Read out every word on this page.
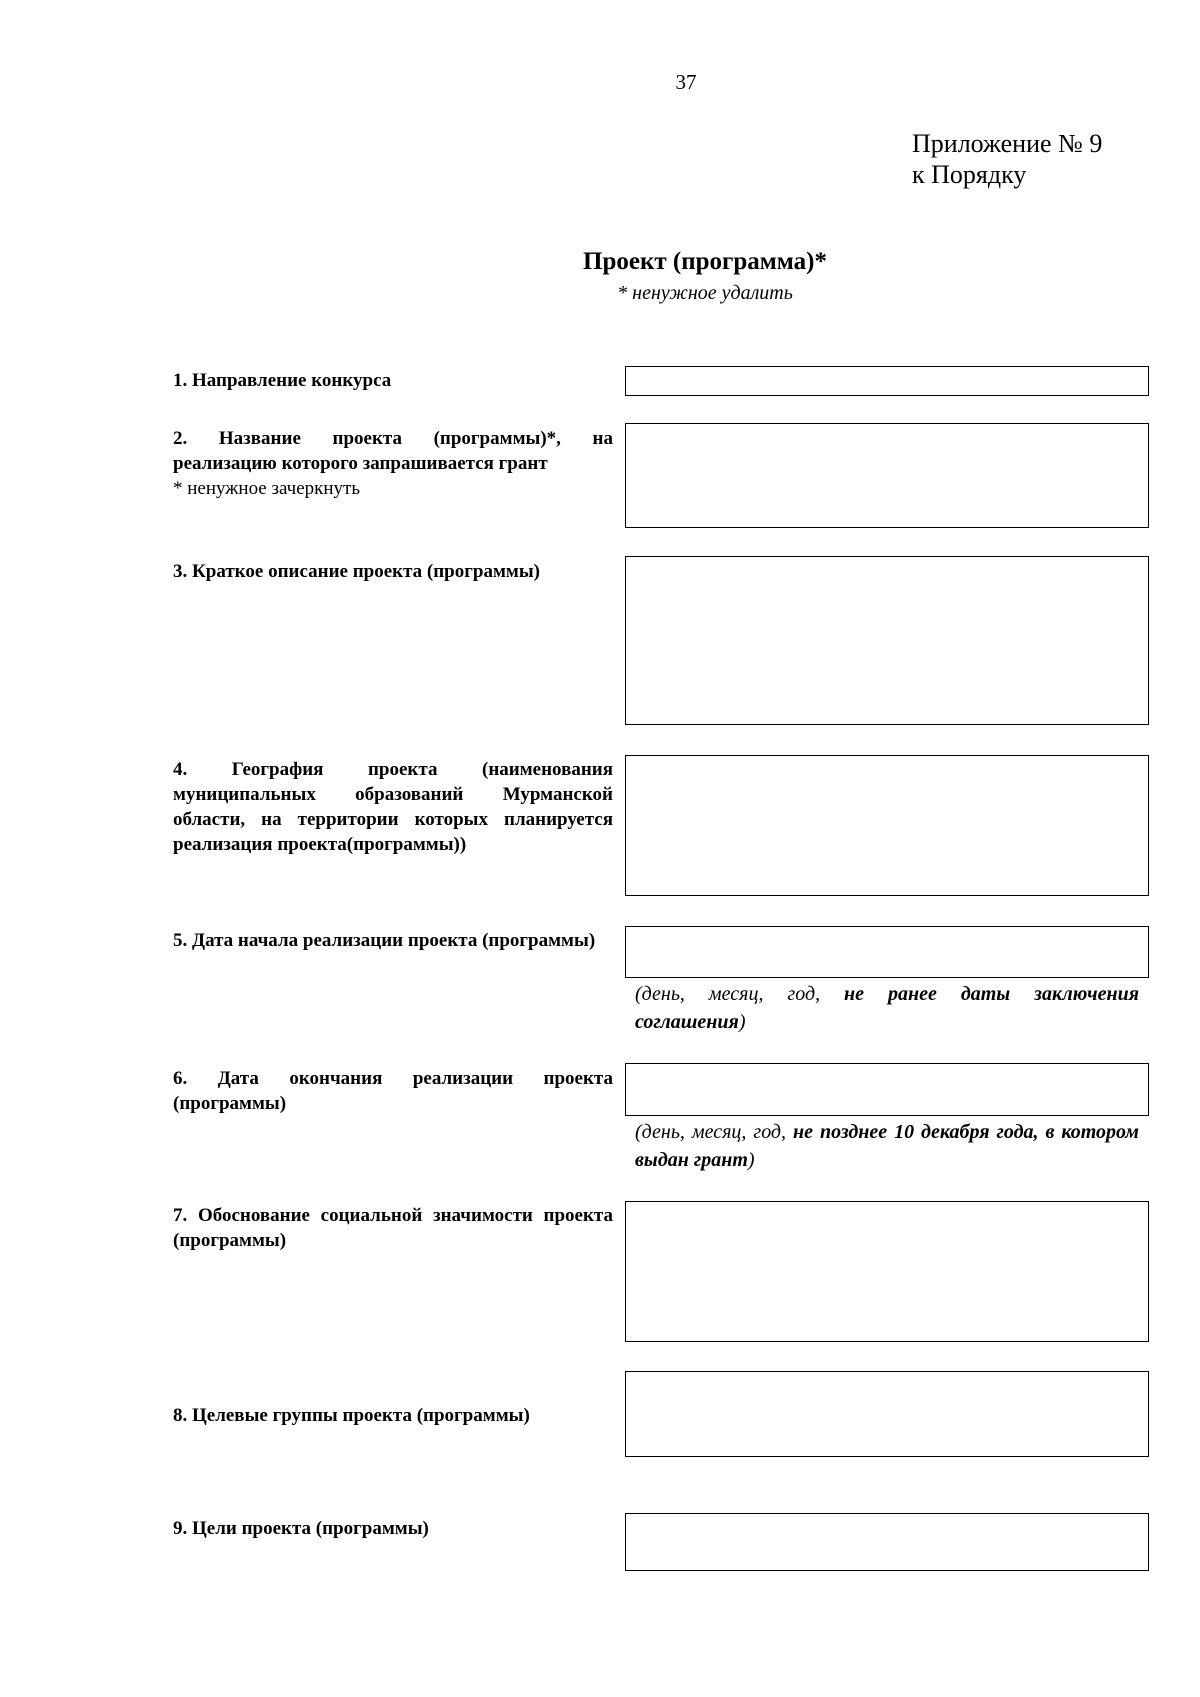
37
Приложение № 9
к Порядку
Проект (программа)*
* ненужное удалить
1. Направление конкурса
2. Название проекта (программы)*, на реализацию которого запрашивается грант
* ненужное зачеркнуть
3. Краткое описание проекта (программы)
4. География проекта (наименования муниципальных образований Мурманской области, на территории которых планируется реализация проекта(программы))
5. Дата начала реализации проекта (программы)
(день, месяц, год, не ранее даты заключения соглашения)
6. Дата окончания реализации проекта (программы)
(день, месяц, год, не позднее 10 декабря года, в котором выдан грант)
7. Обоснование социальной значимости проекта (программы)
8. Целевые группы проекта (программы)
9. Цели проекта (программы)
